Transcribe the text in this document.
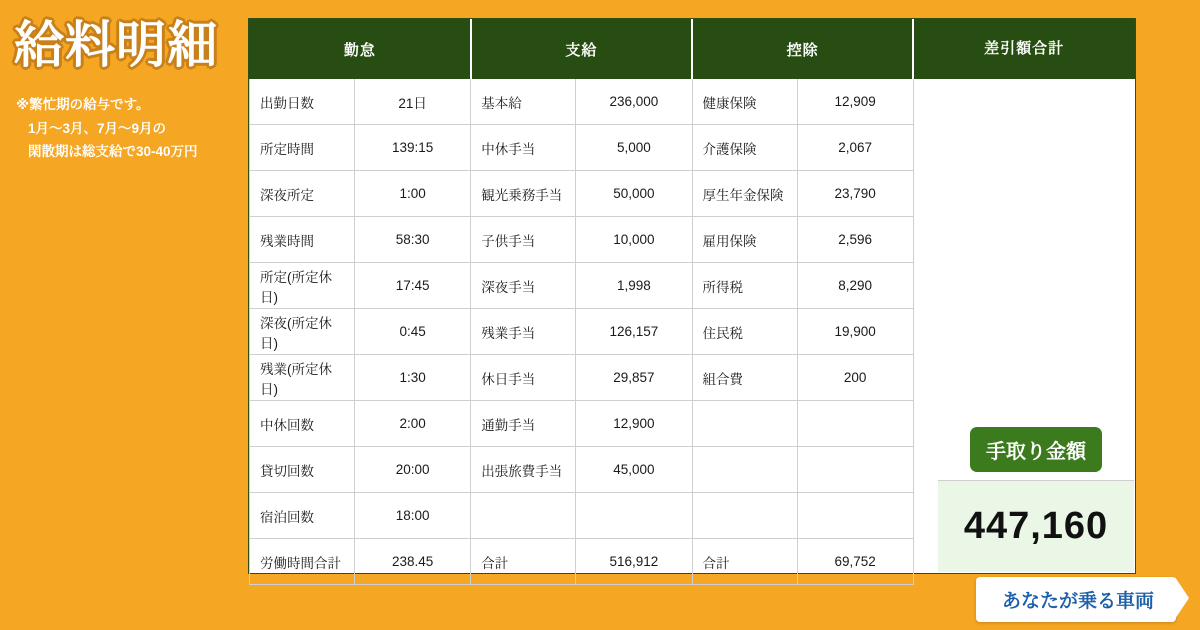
給料明細
※繁忙期の給与です。
1月〜3月、7月〜9月の
閑散期は総支給で30-40万円
勤怠		支給		控除		差引額合計

出勤日数	21日	基本給	236,000	健康保険	12,909	
所定時間	139:15	中休手当	5,000	介護保険	2,067	
深夜所定	1:00	観光乗務手当	50,000	厚生年金保険	23,790	
残業時間	58:30	子供手当	10,000	雇用保険	2,596	
所定(所定休日)	17:45	深夜手当	1,998	所得税	8,290	
深夜(所定休日)	0:45	残業手当	126,157	住民税	19,900	
残業(所定休日)	1:30	休日手当	29,857	組合費	200	
中休回数	2:00	通勤手当	12,900			
貸切回数	20:00	出張旅費手当	45,000			
宿泊回数	18:00					
労働時間合計	238.45	合計	516,912	合計	69,752	
手取り金額
447,160
あなたが乗る車両
